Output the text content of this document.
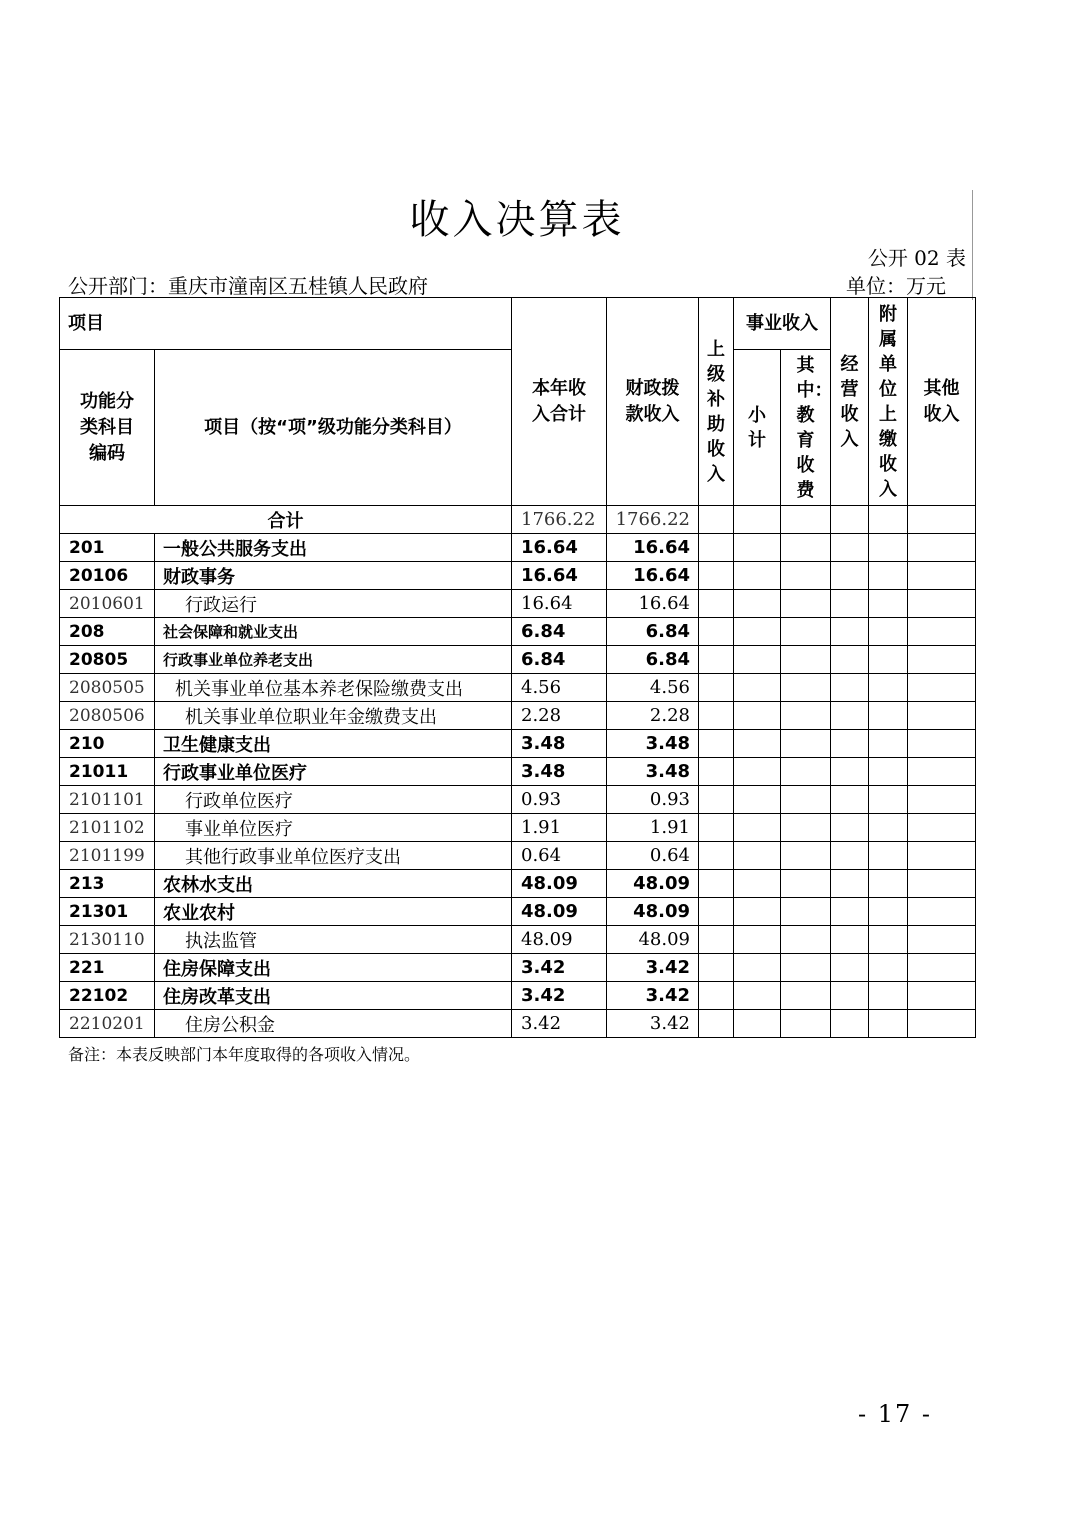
收入决算表
公开 02 表
公开部门：重庆市潼南区五桂镇人民政府	单位：万元
项目		本年收入合计	财政拨款收入	上级补助收入	事业收入		经营收入	附属单位上缴收入	其他收入

功能分类科目编码	项目（按“项”级功能分类科目）				小计	其中：教育收费			

合计		1766.22	1766.22						
201	一般公共服务支出	16.64	16.64						
20106	财政事务	16.64	16.64						
2010601	行政运行	16.64	16.64						
208	社会保障和就业支出	6.84	6.84						
20805	行政事业单位养老支出	6.84	6.84						
2080505	机关事业单位基本养老保险缴费支出	4.56	4.56						
2080506	机关事业单位职业年金缴费支出	2.28	2.28						
210	卫生健康支出	3.48	3.48						
21011	行政事业单位医疗	3.48	3.48						
2101101	行政单位医疗	0.93	0.93						
2101102	事业单位医疗	1.91	1.91						
2101199	其他行政事业单位医疗支出	0.64	0.64						
213	农林水支出	48.09	48.09						
21301	农业农村	48.09	48.09						
2130110	执法监管	48.09	48.09						
221	住房保障支出	3.42	3.42						
22102	住房改革支出	3.42	3.42						
2210201	住房公积金	3.42	3.42						
备注：本表反映部门本年度取得的各项收入情况。
- 17 -
